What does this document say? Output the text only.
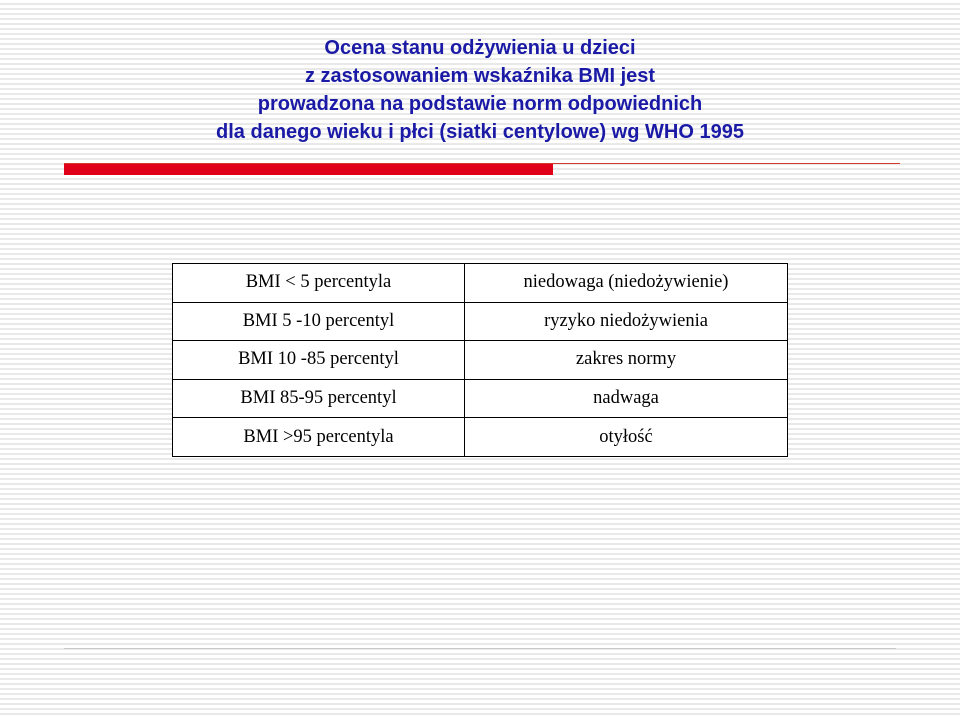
Ocena stanu odżywienia u dzieci
z zastosowaniem wskaźnika BMI jest
prowadzona na podstawie norm odpowiednich
dla danego wieku i płci (siatki centylowe) wg WHO 1995
BMI < 5 percentyla	niedowaga (niedożywienie)
BMI 5 -10 percentyl	ryzyko niedożywienia
BMI 10 -85 percentyl	zakres normy
BMI 85-95 percentyl	nadwaga
BMI >95 percentyla	otyłość
